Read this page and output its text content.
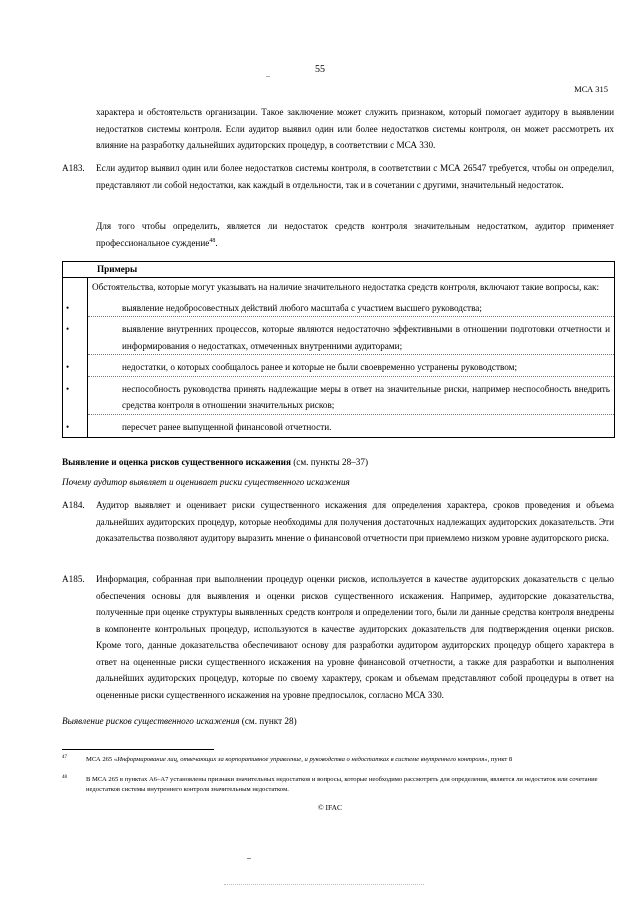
55
МСА 315

характера и обстоятельств организации. Такое заключение может служить признаком, который помогает аудитору в выявлении недостатков системы контроля. Если аудитор выявил один или более недостатков системы контроля, он может рассмотреть их влияние на разработку дальнейших аудиторских процедур, в соответствии с МСА 330.

A183. Если аудитор выявил один или более недостатков системы контроля, в соответствии с МСА 26547 требуется, чтобы он определил, представляют ли собой недостатки, как каждый в отдельности, так и в сочетании с другими, значительный недостаток.

Для того чтобы определить, является ли недостаток средств контроля значительным недостатком, аудитор применяет профессиональное суждение$^{48}$.

Примеры
Обстоятельства, которые могут указывать на наличие значительного недостатка средств контроля, включают такие вопросы, как:
•	выявление недобросовестных действий любого масштаба с участием высшего руководства;
•	выявление внутренних процессов, которые являются недостаточно эффективными в отношении подготовки отчетности и информирования о недостатках, отмеченных внутренними аудиторами;
•	недостатки, о которых сообщалось ранее и которые не были своевременно устранены руководством;
•	неспособность руководства принять надлежащие меры в ответ на значительные риски, например неспособность внедрить средства контроля в отношении значительных рисков;
•	пересчет ранее выпущенной финансовой отчетности.
Выявление и оценка рисков существенного искажения (см. пункты 28–37)
Почему аудитор выявляет и оценивает риски существенного искажения
A184. Аудитор выявляет и оценивает риски существенного искажения для определения характера, сроков проведения и объема дальнейших аудиторских процедур, которые необходимы для получения достаточных надлежащих аудиторских доказательств. Эти доказательства позволяют аудитору выразить мнение о финансовой отчетности при приемлемо низком уровне аудиторского риска.

A185. Информация, собранная при выполнении процедур оценки рисков, используется в качестве аудиторских доказательств с целью обеспечения основы для выявления и оценки рисков существенного искажения. Например, аудиторские доказательства, полученные при оценке структуры выявленных средств контроля и определении того, были ли данные средства контроля внедрены в компоненте контрольных процедур, используются в качестве аудиторских доказательств для подтверждения оценки рисков. Кроме того, данные доказательства обеспечивают основу для разработки аудитором аудиторских процедур общего характера в ответ на оцененные риски существенного искажения на уровне финансовой отчетности, а также для разработки и выполнения дальнейших аудиторских процедур, которые по своему характеру, срокам и объемам представляют собой процедуры в ответ на оцененные риски существенного искажения на уровне предпосылок, согласно МСА 330.

Выявление рисков существенного искажения (см. пункт 28)
47	МСА 265 «Информирование лиц, отвечающих за корпоративное управление, и руководства о недостатках в системе внутреннего контроля», пункт 8
48	В МСА 265 в пунктах A6–A7 установлены признаки значительных недостатков и вопросы, которые необходимо рассмотреть для определения, является ли недостаток или сочетание недостатков системы внутреннего контроля значительным недостатком.
© IFAC
